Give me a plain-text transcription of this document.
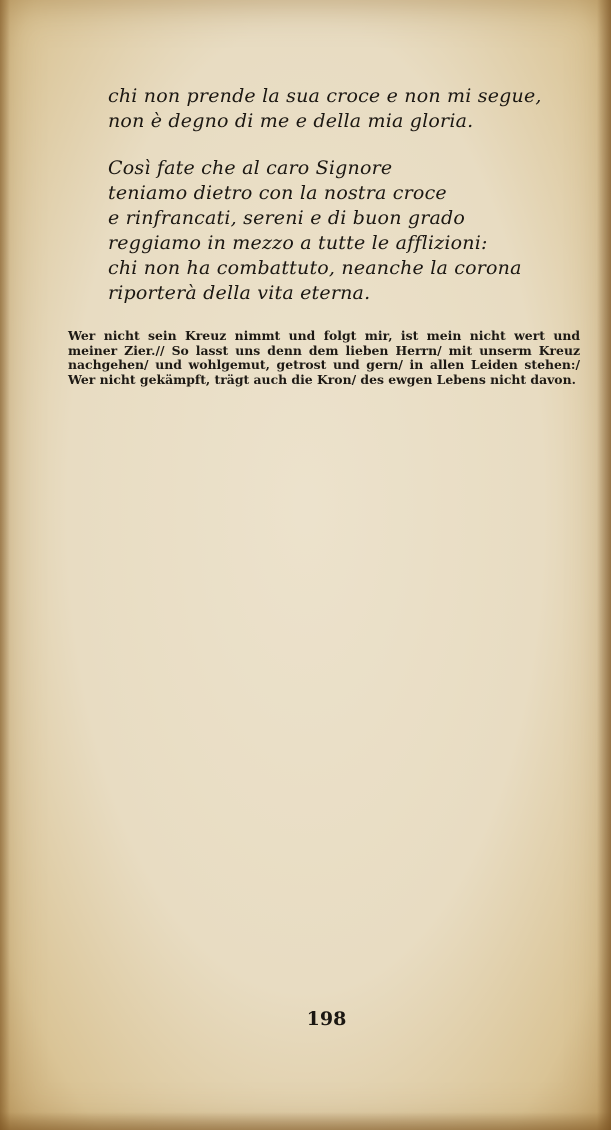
chi non prende la sua croce e non mi segue,
non è degno di me e della mia gloria.
Così fate che al caro Signore
teniamo dietro con la nostra croce
e rinfrancati, sereni e di buon grado
reggiamo in mezzo a tutte le afflizioni:
chi non ha combattuto, neanche la corona
riporterà della vita eterna.
Wer nicht sein Kreuz nimmt und folgt mir, ist mein nicht wert und meiner Zier.// So lasst uns denn dem lieben Herrn/ mit unserm Kreuz nachgehen/ und wohlgemut, getrost und gern/ in allen Leiden stehen:/ Wer nicht gekämpft, trägt auch die Kron/ des ewgen Lebens nicht davon.
198
